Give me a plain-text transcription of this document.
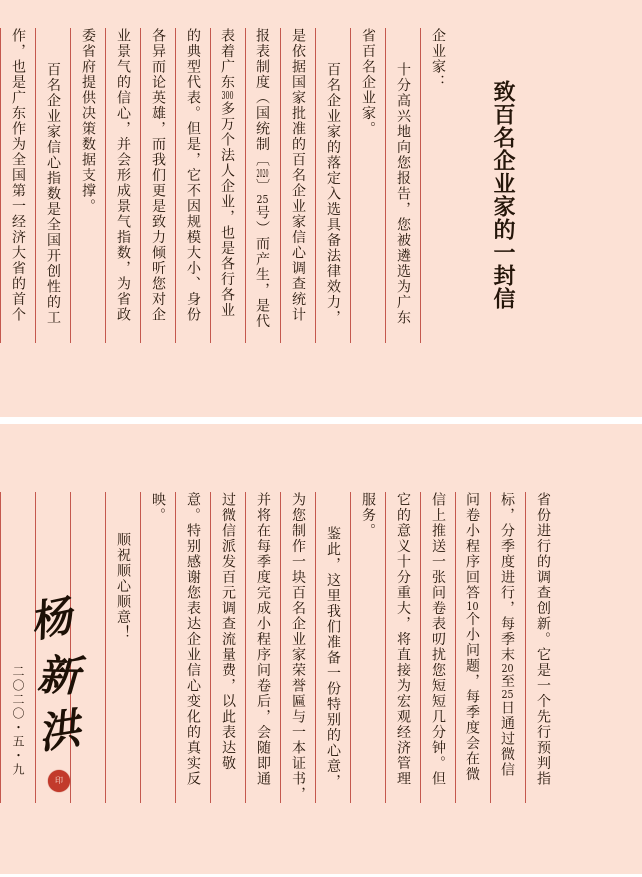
致百名企业家的一封信
企业家：
十分高兴地向您报告，您被遴选为广东
省百名企业家。
百名企业家的落定入选具备法律效力，
是依据国家批准的百名企业家信心调查统计
报表制度（国统制〔2020〕25号）而产生，是代
表着广东300多万个法人企业，也是各行各业
的典型代表。但是，它不因规模大小、身份
各异而论英雄，而我们更是致力倾听您对企
业景气的信心，并会形成景气指数，为省政
委省府提供决策数据支撑。
百名企业家信心指数是全国开创性的工
作，也是广东作为全国第一经济大省的首个
省份进行的调查创新。它是一个先行预判指
标，分季度进行，每季末20至25日通过微信
问卷小程序回答10个小问题，每季度会在微
信上推送一张问卷表叨扰您短短几分钟。但
它的意义十分重大，将直接为宏观经济管理
服务。
鉴此，这里我们准备一份特别的心意，
为您制作一块百名企业家荣誉匾与一本证书，
并将在每季度完成小程序问卷后，会随即通
过微信派发百元调查流量费，以此表达敬
意。特别感谢您表达企业信心变化的真实反
映。
顺祝顺心顺意！
杨新洪
二〇二〇・五・九
印
